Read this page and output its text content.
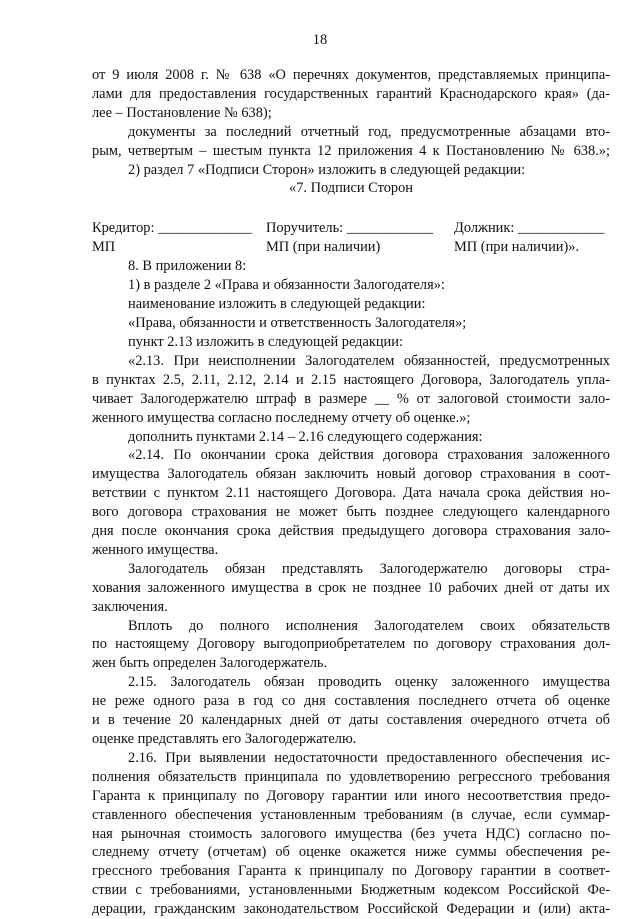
18
от 9 июля 2008 г. № 638 «О перечнях документов, представляемых принципа-
лами для предоставления государственных гарантий Краснодарского края» (да-
лее – Постановление № 638);
документы за последний отчетный год, предусмотренные абзацами вто-
рым, четвертым – шестым пункта 12 приложения 4 к Постановлению № 638.»;
2) раздел 7 «Подписи Сторон» изложить в следующей редакции:
«7. Подписи Сторон
Кредитор: _____________ Поручитель: ____________ Должник: ____________
МП	МП (при наличии)	МП (при наличии)».
8. В приложении 8:
1) в разделе 2 «Права и обязанности Залогодателя»:
наименование изложить в следующей редакции:
«Права, обязанности и ответственность Залогодателя»;
пункт 2.13 изложить в следующей редакции:
«2.13. При неисполнении Залогодателем обязанностей, предусмотренных
в пунктах 2.5, 2.11, 2.12, 2.14 и 2.15 настоящего Договора, Залогодатель упла-
чивает Залогодержателю штраф в размере __ % от залоговой стоимости зало-
женного имущества согласно последнему отчету об оценке.»;
дополнить пунктами 2.14 – 2.16 следующего содержания:
«2.14. По окончании срока действия договора страхования заложенного
имущества Залогодатель обязан заключить новый договор страхования в соот-
ветствии с пунктом 2.11 настоящего Договора. Дата начала срока действия но-
вого договора страхования не может быть позднее следующего календарного
дня после окончания срока действия предыдущего договора страхования зало-
женного имущества.
Залогодатель обязан представлять Залогодержателю договоры стра-
хования заложенного имущества в срок не позднее 10 рабочих дней от даты их
заключения.
Вплоть до полного исполнения Залогодателем своих обязательств
по настоящему Договору выгодоприобретателем по договору страхования дол-
жен быть определен Залогодержатель.
2.15. Залогодатель обязан проводить оценку заложенного имущества
не реже одного раза в год со дня составления последнего отчета об оценке
и в течение 20 календарных дней от даты составления очередного отчета об
оценке представлять его Залогодержателю.
2.16. При выявлении недостаточности предоставленного обеспечения ис-
полнения обязательств принципала по удовлетворению регрессного требования
Гаранта к принципалу по Договору гарантии или иного несоответствия предо-
ставленного обеспечения установленным требованиям (в случае, если суммар-
ная рыночная стоимость залогового имущества (без учета НДС) согласно по-
следнему отчету (отчетам) об оценке окажется ниже суммы обеспечения ре-
грессного требования Гаранта к принципалу по Договору гарантии в соответ-
ствии с требованиями, установленными Бюджетным кодексом Российской Фе-
дерации, гражданским законодательством Российской Федерации и (или) акта-
